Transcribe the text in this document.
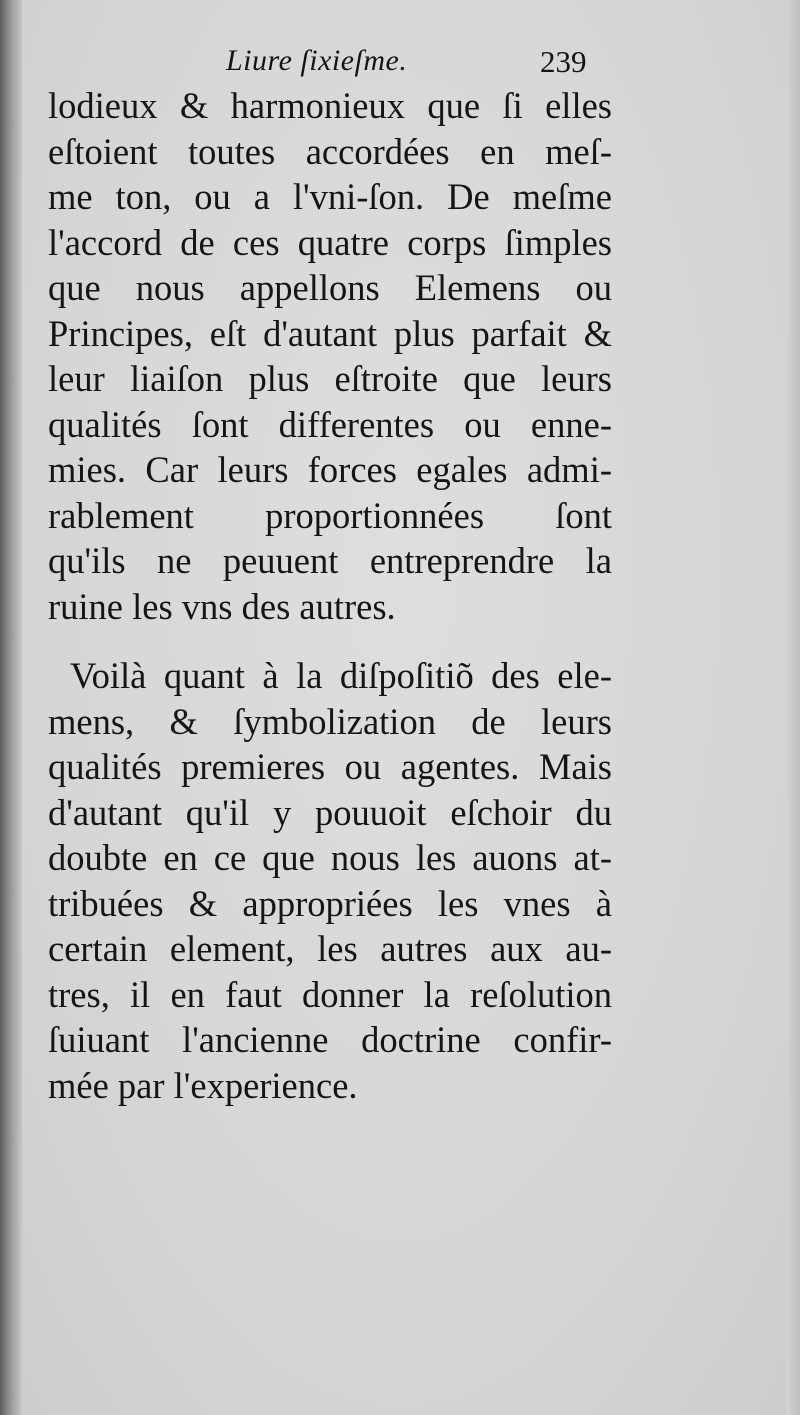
Liure ſixieſme.	239
lodieux & harmonieux que ſi elles
eſtoient toutes accordées en meſ-
me ton, ou a l'vni-ſon. De meſme
l'accord de ces quatre corps ſimples
que nous appellons Elemens ou
Principes, eſt d'autant plus parfait &
leur liaiſon plus eſtroite que leurs
qualités ſont differentes ou enne-
mies. Car leurs forces egales admi-
rablement proportionnées ſont
qu'ils ne peuuent entreprendre la
ruine les vns des autres.
Voilà quant à la diſpoſitiõ des ele-
mens, & ſymbolization de leurs
qualités premieres ou agentes. Mais
d'autant qu'il y pouuoit eſchoir du
doubte en ce que nous les auons at-
tribuées & appropriées les vnes à
certain element, les autres aux au-
tres, il en faut donner la reſolution
ſuiuant l'ancienne doctrine confir-
mée par l'experience.
